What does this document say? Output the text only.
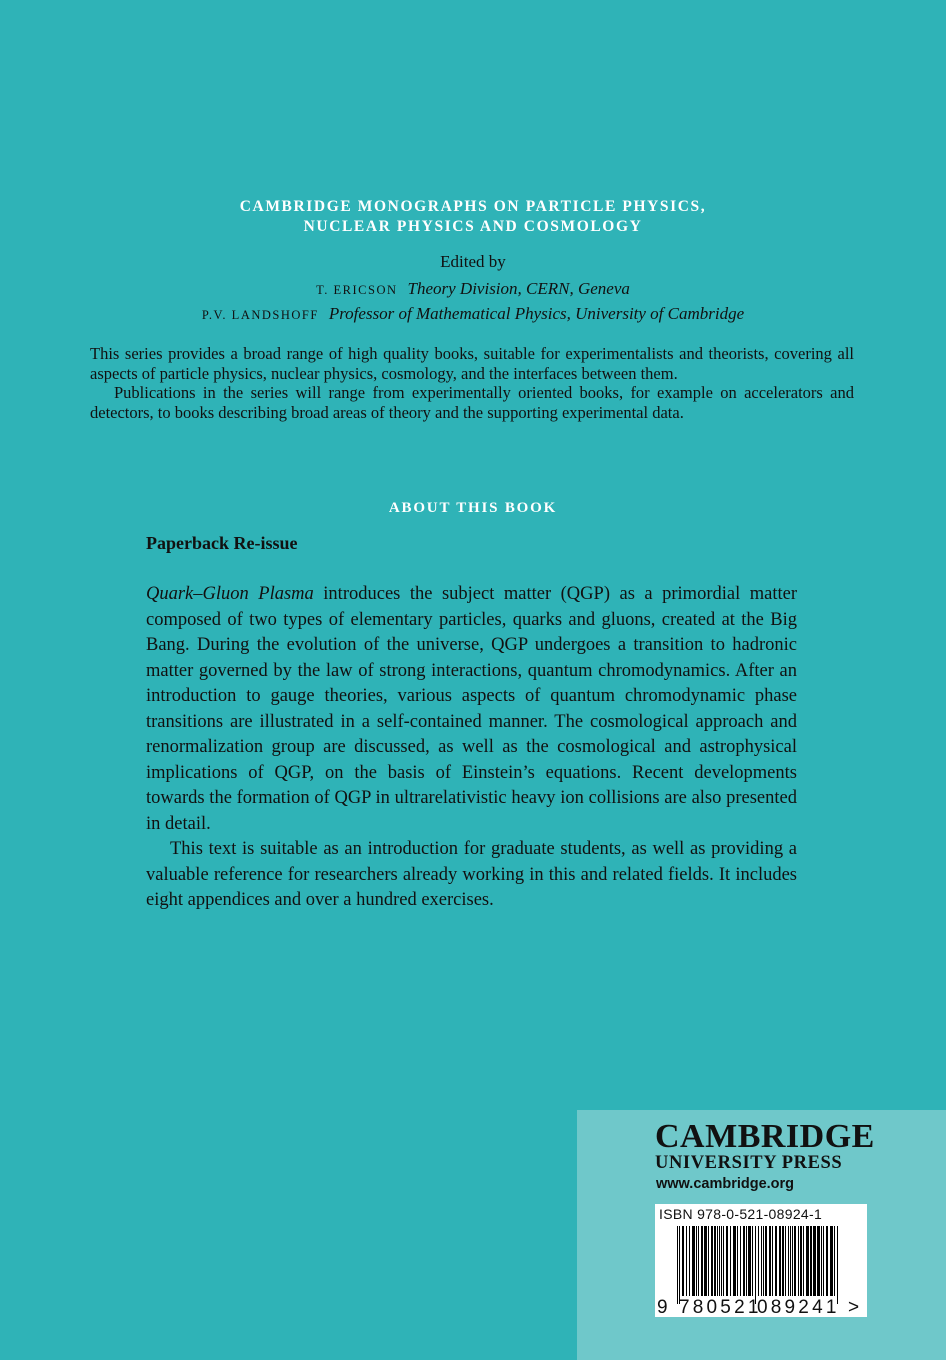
CAMBRIDGE MONOGRAPHS ON PARTICLE PHYSICS,
NUCLEAR PHYSICS AND COSMOLOGY
Edited by
T. ERICSON Theory Division, CERN, Geneva
P.V. LANDSHOFF Professor of Mathematical Physics, University of Cambridge

This series provides a broad range of high quality books, suitable for experimentalists and theorists, covering all aspects of particle physics, nuclear physics, cosmology, and the interfaces between them.

Publications in the series will range from experimentally oriented books, for example on accelerators and detectors, to books describing broad areas of theory and the supporting experimental data.

ABOUT THIS BOOK
Paperback Re-issue

Quark–Gluon Plasma introduces the subject matter (QGP) as a primordial matter composed of two types of elementary particles, quarks and gluons, created at the Big Bang. During the evolution of the universe, QGP undergoes a transition to hadronic matter governed by the law of strong interactions, quantum chromodynamics. After an introduction to gauge theories, various aspects of quantum chromodynamic phase transitions are illustrated in a self-contained manner. The cosmological approach and renormalization group are discussed, as well as the cosmological and astrophysical implications of QGP, on the basis of Einstein’s equations. Recent developments towards the formation of QGP in ultrarelativistic heavy ion collisions are also presented in detail.

This text is suitable as an introduction for graduate students, as well as providing a valuable reference for researchers already working in this and related fields. It includes eight appendices and over a hundred exercises.

CAMBRIDGE
UNIVERSITY PRESS
www.cambridge.org
ISBN 978-0-521-08924-1
9 780521
089241 >
